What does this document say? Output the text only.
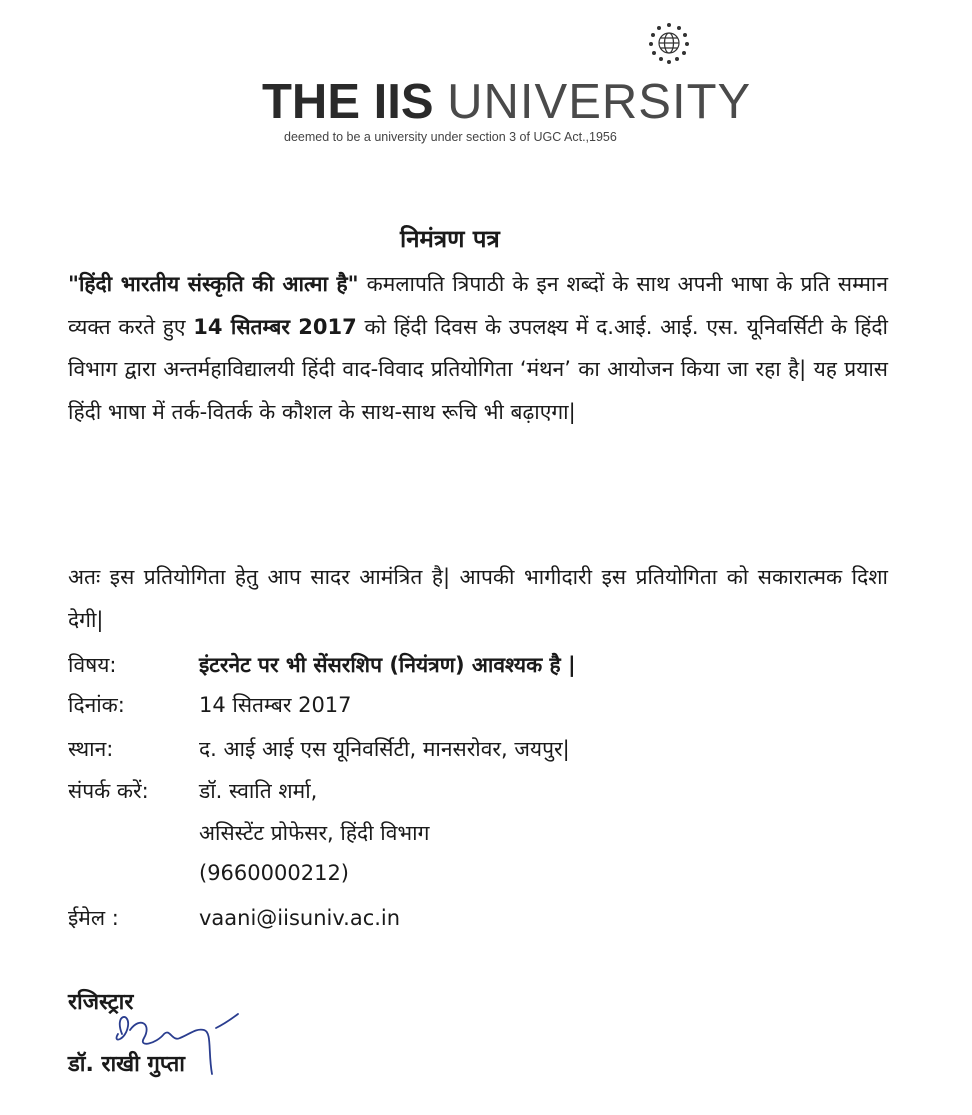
THE IIS UNIVERSITY
deemed to be a university under section 3 of UGC Act.,1956
निमंत्रण पत्र
"हिंदी भारतीय संस्कृति की आत्मा है" कमलापति त्रिपाठी के इन शब्दों के साथ अपनी भाषा के प्रति सम्मान व्यक्त करते हुए 14 सितम्बर 2017 को हिंदी दिवस के उपलक्ष्य में द.आई. आई. एस. यूनिवर्सिटी के हिंदी विभाग द्वारा अन्तर्महाविद्यालयी हिंदी वाद-विवाद प्रतियोगिता ‘मंथन’ का आयोजन किया जा रहा है| यह प्रयास हिंदी भाषा में तर्क-वितर्क के कौशल के साथ-साथ रूचि भी बढ़ाएगा|
अतः इस प्रतियोगिता हेतु आप सादर आमंत्रित है| आपकी भागीदारी इस प्रतियोगिता को सकारात्मक दिशा देगी|
विषय:	इंटरनेट पर भी सेंसरशिप (नियंत्रण) आवश्यक है |
दिनांक:	14 सितम्बर 2017
स्थान:	द. आई आई एस यूनिवर्सिटी, मानसरोवर, जयपुर|
संपर्क करें: डॉ. स्वाति शर्मा,
असिस्टेंट प्रोफेसर, हिंदी विभाग
(9660000212)
ईमेल :	vaani@iisuniv.ac.in
रजिस्ट्रार
डॉ. राखी गुप्ता
